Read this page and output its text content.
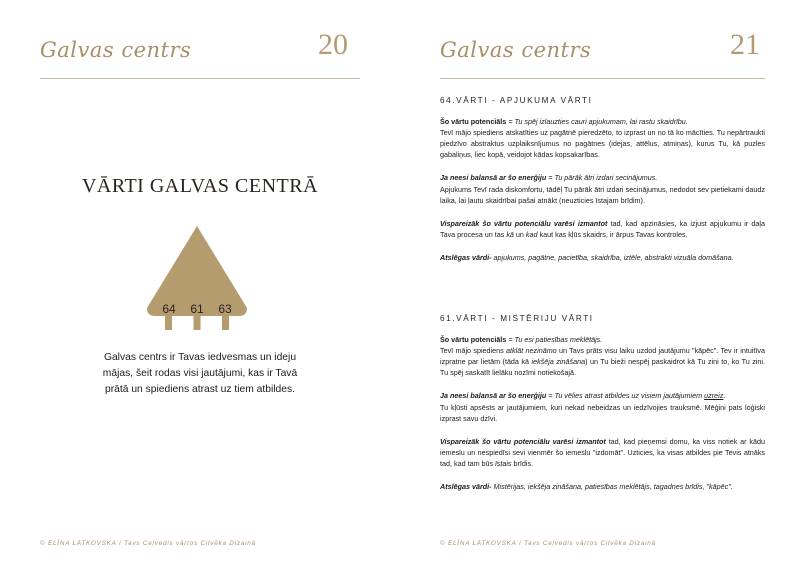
Galvas centrs	20
VĀRTI GALVAS CENTRĀ
64 61 63
Galvas centrs ir Tavas iedvesmas un ideju mājas, šeit rodas visi jautājumi, kas ir Tavā prātā un spiediens atrast uz tiem atbildes.
© ELĪNA LATKOVSKA / Tavs Ceļvedis vārtos Cilvēka Dizainā
Galvas centrs	21
64.VĀRTI - APJUKUMA VĀRTI
Šo vārtu potenciāls = Tu spēj izlauzties cauri apjukumam, lai rastu skaidrību.
Tevī mājo spiediens atskatīties uz pagātnē pieredzēto, to izprast un no tā ko mācīties. Tu nepārtraukti piedzīvo abstraktus uzplaiksnījumus no pagātnes (idejas, attēlus, atmiņas), kurus Tu, kā puzles gabaliņus, liec kopā, veidojot kādas kopsakarības.
Ja neesi balansā ar šo enerģiju = Tu pārāk ātri izdari secinājumus.
Apjukums Tevī rada diskomfortu, tādēļ Tu pārāk ātri izdari secinājumus, nedodot sev pietiekami daudz laika, lai ļautu skaidrībai pašai atnākt (neuzticies īstajam brīdim).
Vispareizāk šo vārtu potenciālu varēsi izmantot tad, kad apzināsies, ka izjust apjukumu ir daļa Tava procesa un tas kā un kad kaut kas kļūs skaidrs, ir ārpus Tavas kontroles.
Atslēgas vārdi- apjukums, pagātne, pacietība, skaidrība, iztēle, abstrakti vizuāla domāšana.
61.VĀRTI - MISTĒRIJU VĀRTI
Šo vārtu potenciāls = Tu esi patiesības meklētājs.
Tevī mājo spiediens atklāt nezināmo un Tavs prāts visu laiku uzdod jautājumu "kāpēc". Tev ir intuitīva izpratne par lietām (tāda kā iekšēja zināšana) un Tu bieži nespēj paskaidrot kā Tu zini to, ko Tu zini. Tu spēj saskatīt lielāku nozīmi notiekošajā.
Ja neesi balansā ar šo enerģiju = Tu vēlies atrast atbildes uz visiem jautājumiem uzreiz.
Tu kļūsti apsēsts ar jautājumiem, kuri nekad nebeidzas un iedzīvojies trauksmē. Mēģini pats loģiski izprast savu dzīvi.
Vispareizāk šo vārtu potenciālu varēsi izmantot tad, kad pieņemsi domu, ka viss notiek ar kādu iemeslu un nespiedīsi sevi vienmēr šo iemeslu "izdomāt". Uzticies, ka visas atbildes pie Tevis atnāks tad, kad tam būs īstais brīdis.
Atslēgas vārdi- Mistērijas, iekšēja zināšana, patiesības meklētājs, tagadnes brīdis, "kāpēc".
© ELĪNA LATKOVSKA / Tavs Ceļvedis vārtos Cilvēka Dizainā
